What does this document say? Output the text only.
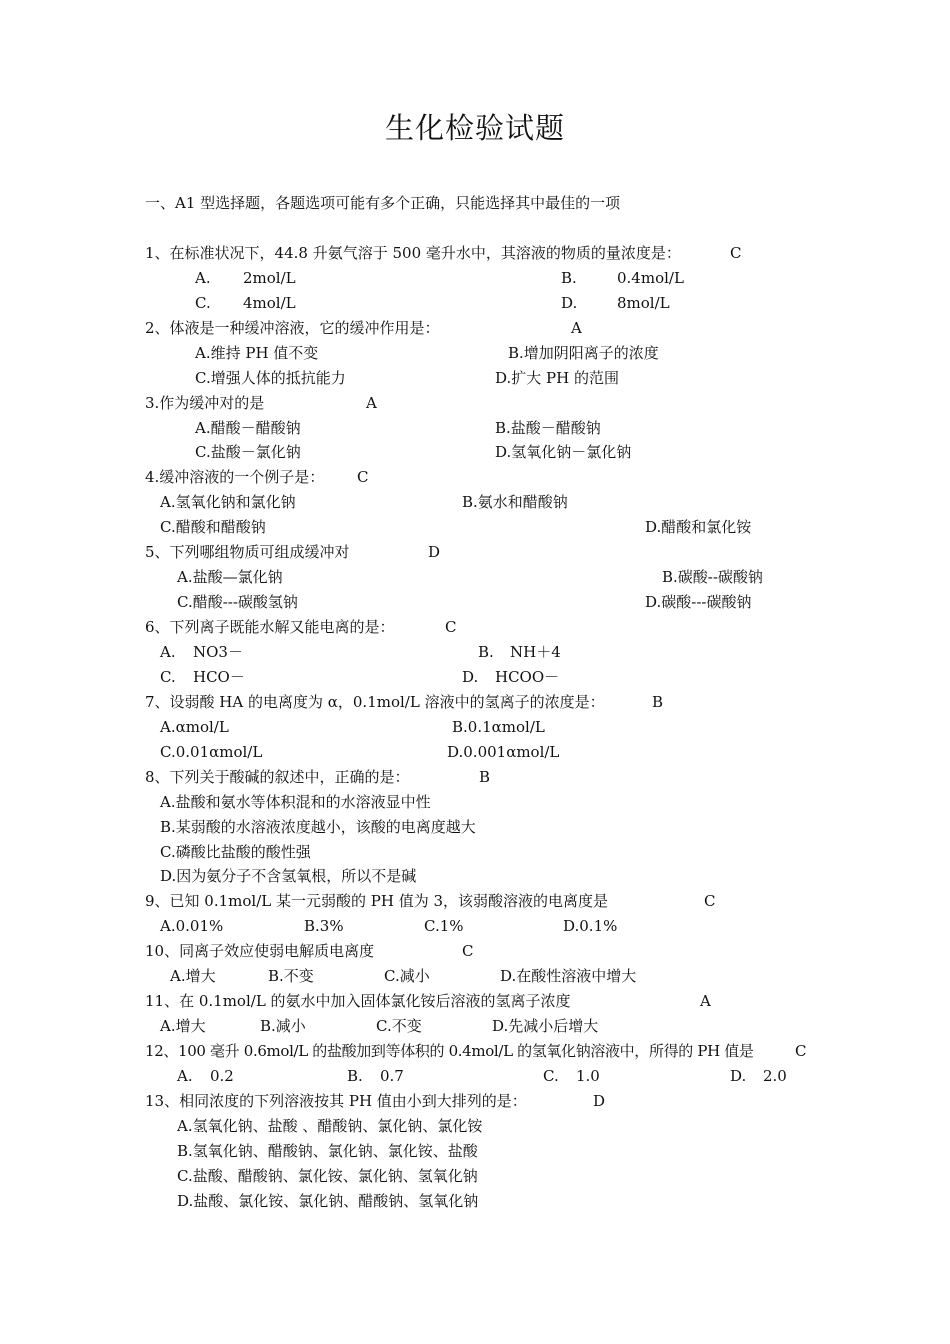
生化检验试题

一、A1 型选择题，各题选项可能有多个正确，只能选择其中最佳的一项

1、在标准状况下，44.8 升氨气溶于 500 毫升水中，其溶液的物质的量浓度是：	C
A. 2mol/L	B.	0.4mol/L
C. 4mol/L	D.	8mol/L
2、体液是一种缓冲溶液，它的缓冲作用是：	A
A.维持 PH 值不变	B.增加阴阳离子的浓度
C.增强人体的抵抗能力	D.扩大 PH 的范围
3.作为缓冲对的是	A
A.醋酸－醋酸钠	B.盐酸－醋酸钠
C.盐酸－氯化钠	D.氢氧化钠－氯化钠
4.缓冲溶液的一个例子是： C
A.氢氧化钠和氯化钠	B.氨水和醋酸钠
C.醋酸和醋酸钠	D.醋酸和氯化铵
5、下列哪组物质可组成缓冲对	D
A.盐酸—氯化钠	B.碳酸--碳酸钠
C.醋酸---碳酸氢钠	D.碳酸---碳酸钠
6、下列离子既能水解又能电离的是：	C
A. NO3－	B. NH＋4
C. HCO－	D. HCOO－
7、设弱酸 HA 的电离度为 α，0.1mol/L 溶液中的氢离子的浓度是：	B
A.αmol/L	B.0.1αmol/L
C.0.01αmol/L	D.0.001αmol/L
8、下列关于酸碱的叙述中，正确的是：	B
A.盐酸和氨水等体积混和的水溶液显中性
B.某弱酸的水溶液浓度越小，该酸的电离度越大
C.磷酸比盐酸的酸性强
D.因为氨分子不含氢氧根，所以不是碱
9、已知 0.1mol/L 某一元弱酸的 PH 值为 3，该弱酸溶液的电离度是	C
A.0.01%	B.3%	C.1%	D.0.1%
10、同离子效应使弱电解质电离度	C
A.增大	B.不变	C.减小	D.在酸性溶液中增大
11、在 0.1mol/L 的氨水中加入固体氯化铵后溶液的氢离子浓度	A
A.增大	B.减小	C.不变	D.先减小后增大
12、100 毫升 0.6mol/L 的盐酸加到等体积的 0.4mol/L 的氢氧化钠溶液中，所得的 PH 值是	C
A. 0.2	B. 0.7	C. 1.0	D. 2.0
13、相同浓度的下列溶液按其 PH 值由小到大排列的是：	D
A.氢氧化钠、盐酸 、醋酸钠、氯化钠、氯化铵
B.氢氧化钠、醋酸钠、氯化钠、氯化铵、盐酸
C.盐酸、醋酸钠、氯化铵、氯化钠、氢氧化钠
D.盐酸、氯化铵、氯化钠、醋酸钠、氢氧化钠
